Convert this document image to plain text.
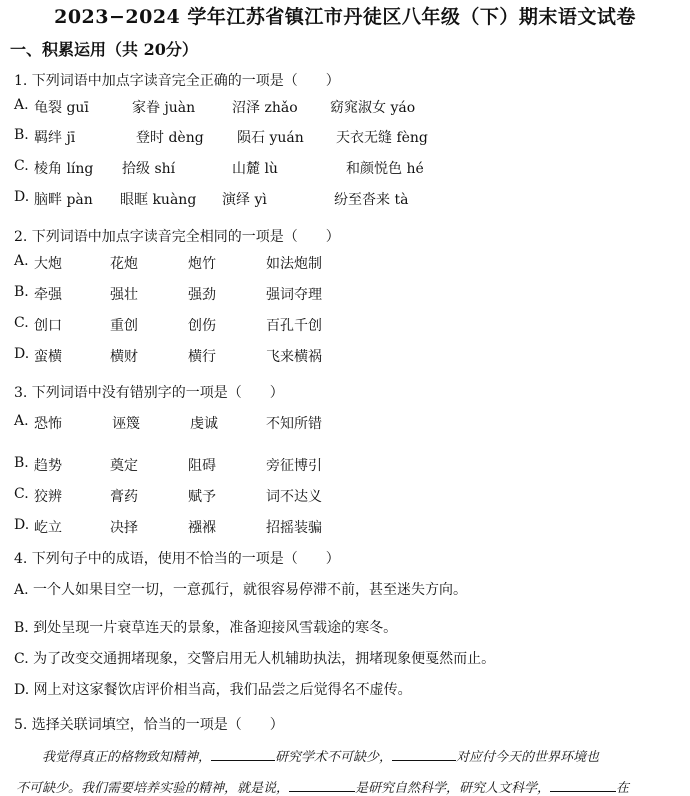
2023−2024 学年江苏省镇江市丹徒区八年级（下）期末语文试卷
一、积累运用（共 20分）
1. 下列词语中加点字读音完全正确的一项是（　　）
A. 龟裂 guī	家眷 juàn	沼泽 zhǎo 窈窕淑女 yáo
B. 羁绊 jī	登时 dèng 陨石 yuán 天衣无缝 fèng
C. 棱角 líng 拾级 shí	山麓 lù	和颜悦色 hé
D. 脑畔 pàn 眼眶 kuàng 演绎 yì	纷至沓来 tà
2. 下列词语中加点字读音完全相同的一项是（　　）
A. 大炮	花炮	炮竹	如法炮制
B. 牵强	强壮	强劲	强词夺理
C. 创口	重创	创伤	百孔千创
D. 蛮横	横财	横行	飞来横祸
3. 下列词语中没有错别字的一项是（　　）
A. 恐怖	诬篾	虔诚	不知所错
B. 趋势	奠定	阻碍	旁征博引
C. 狡辨	膏药	赋予	词不达义
D. 屹立	决择	襁褓	招摇装骗
4. 下列句子中的成语，使用不恰当的一项是（　　）
A. 一个人如果目空一切，一意孤行，就很容易停滞不前，甚至迷失方向。
B. 到处呈现一片衰草连天的景象，准备迎接风雪载途的寒冬。
C. 为了改变交通拥堵现象，交警启用无人机辅助执法，拥堵现象便戛然而止。
D. 网上对这家餐饮店评价相当高，我们品尝之后觉得名不虚传。
5. 选择关联词填空，恰当的一项是（　　）
我觉得真正的格物致知精神，	研究学术不可缺少，	对应付今天的世界环境也
不可缺少。我们需要培养实验的精神，就是说，	是研究自然科学，研究人文科学，	在
